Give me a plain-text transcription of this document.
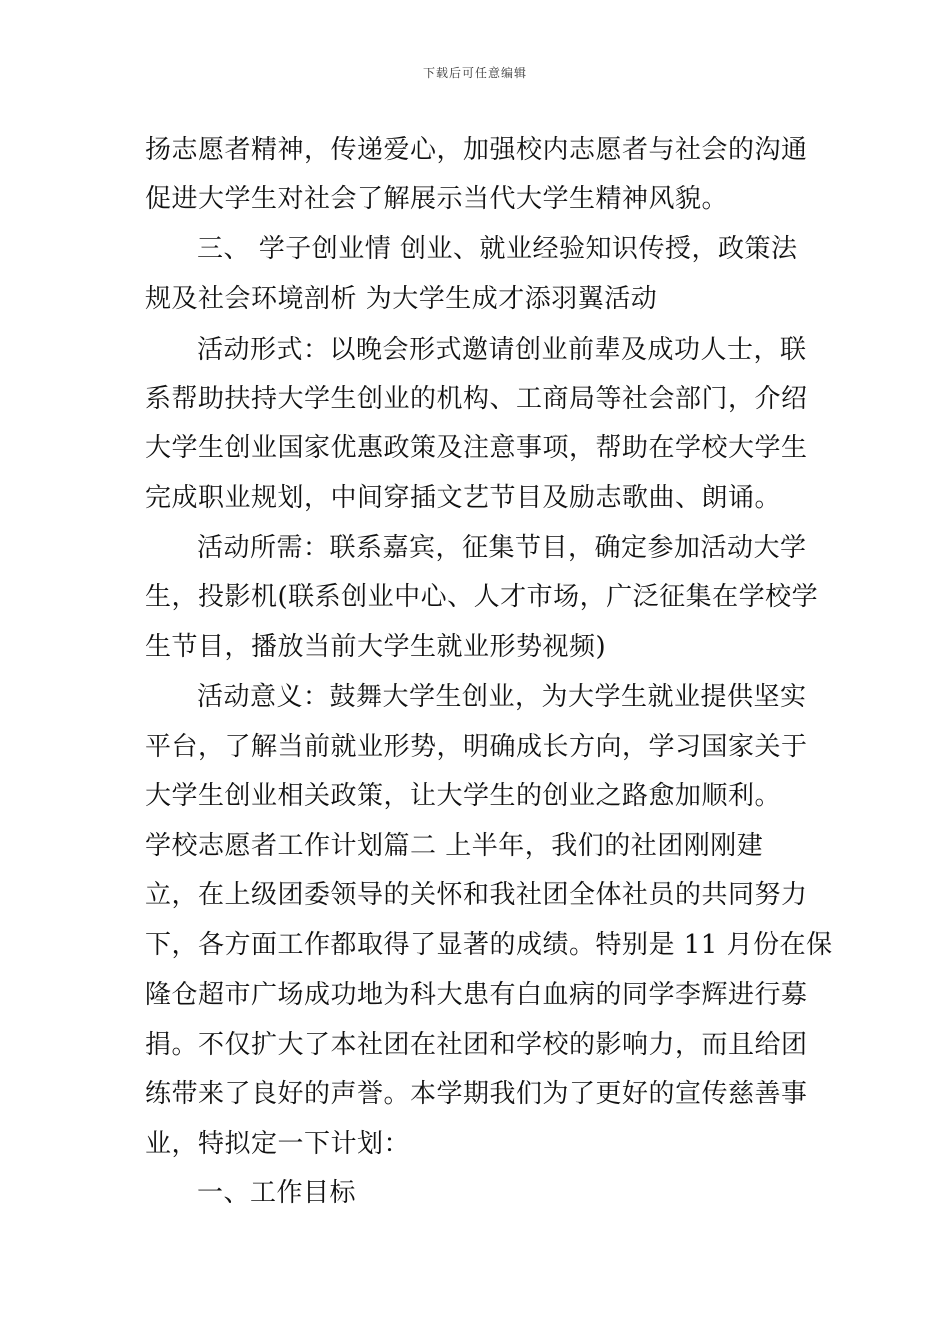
下载后可任意编辑
扬志愿者精神，传递爱心，加强校内志愿者与社会的沟通
促进大学生对社会了解展示当代大学生精神风貌。
三、 学子创业情 创业、就业经验知识传授，政策法
规及社会环境剖析 为大学生成才添羽翼活动
活动形式：以晚会形式邀请创业前辈及成功人士，联
系帮助扶持大学生创业的机构、工商局等社会部门，介绍
大学生创业国家优惠政策及注意事项，帮助在学校大学生
完成职业规划，中间穿插文艺节目及励志歌曲、朗诵。
活动所需：联系嘉宾，征集节目，确定参加活动大学
生，投影机(联系创业中心、人才市场，广泛征集在学校学
生节目，播放当前大学生就业形势视频)
活动意义：鼓舞大学生创业，为大学生就业提供坚实
平台，了解当前就业形势，明确成长方向，学习国家关于
大学生创业相关政策，让大学生的创业之路愈加顺利。
学校志愿者工作计划篇二 上半年，我们的社团刚刚建
立，在上级团委领导的关怀和我社团全体社员的共同努力
下，各方面工作都取得了显著的成绩。特别是 11 月份在保
隆仓超市广场成功地为科大患有白血病的同学李辉进行募
捐。不仅扩大了本社团在社团和学校的影响力，而且给团
练带来了良好的声誉。本学期我们为了更好的宣传慈善事
业，特拟定一下计划：
一、工作目标
